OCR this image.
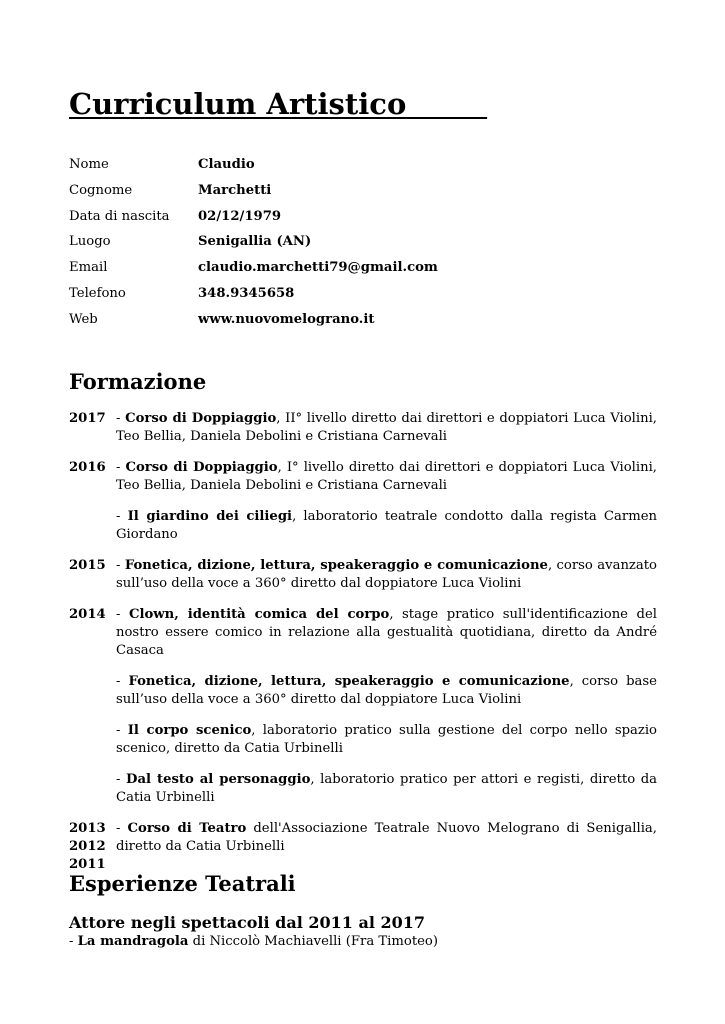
Curriculum Artistico
Nome	Claudio
Cognome	Marchetti
Data di nascita	02/12/1979
Luogo	Senigallia (AN)
Email	claudio.marchetti79@gmail.com
Telefono	348.9345658
Web	www.nuovomelograno.it
Formazione
2017 - Corso di Doppiaggio, II° livello diretto dai direttori e doppiatori Luca Violini, Teo Bellia, Daniela Debolini e Cristiana Carnevali
2016 - Corso di Doppiaggio, I° livello diretto dai direttori e doppiatori Luca Violini, Teo Bellia, Daniela Debolini e Cristiana Carnevali
- Il giardino dei ciliegi, laboratorio teatrale condotto dalla regista Carmen Giordano
2015 - Fonetica, dizione, lettura, speakeraggio e comunicazione, corso avanzato sull’uso della voce a 360° diretto dal doppiatore Luca Violini
2014 - Clown, identità comica del corpo, stage pratico sull'identificazione del nostro essere comico in relazione alla gestualità quotidiana, diretto da André Casaca
- Fonetica, dizione, lettura, speakeraggio e comunicazione, corso base sull’uso della voce a 360° diretto dal doppiatore Luca Violini
- Il corpo scenico, laboratorio pratico sulla gestione del corpo nello spazio scenico, diretto da Catia Urbinelli
- Dal testo al personaggio, laboratorio pratico per attori e registi, diretto da Catia Urbinelli
2013
2012
2011
- Corso di Teatro dell'Associazione Teatrale Nuovo Melograno di Senigallia, diretto da Catia Urbinelli
Esperienze Teatrali
Attore negli spettacoli dal 2011 al 2017
- La mandragola di Niccolò Machiavelli (Fra Timoteo)
